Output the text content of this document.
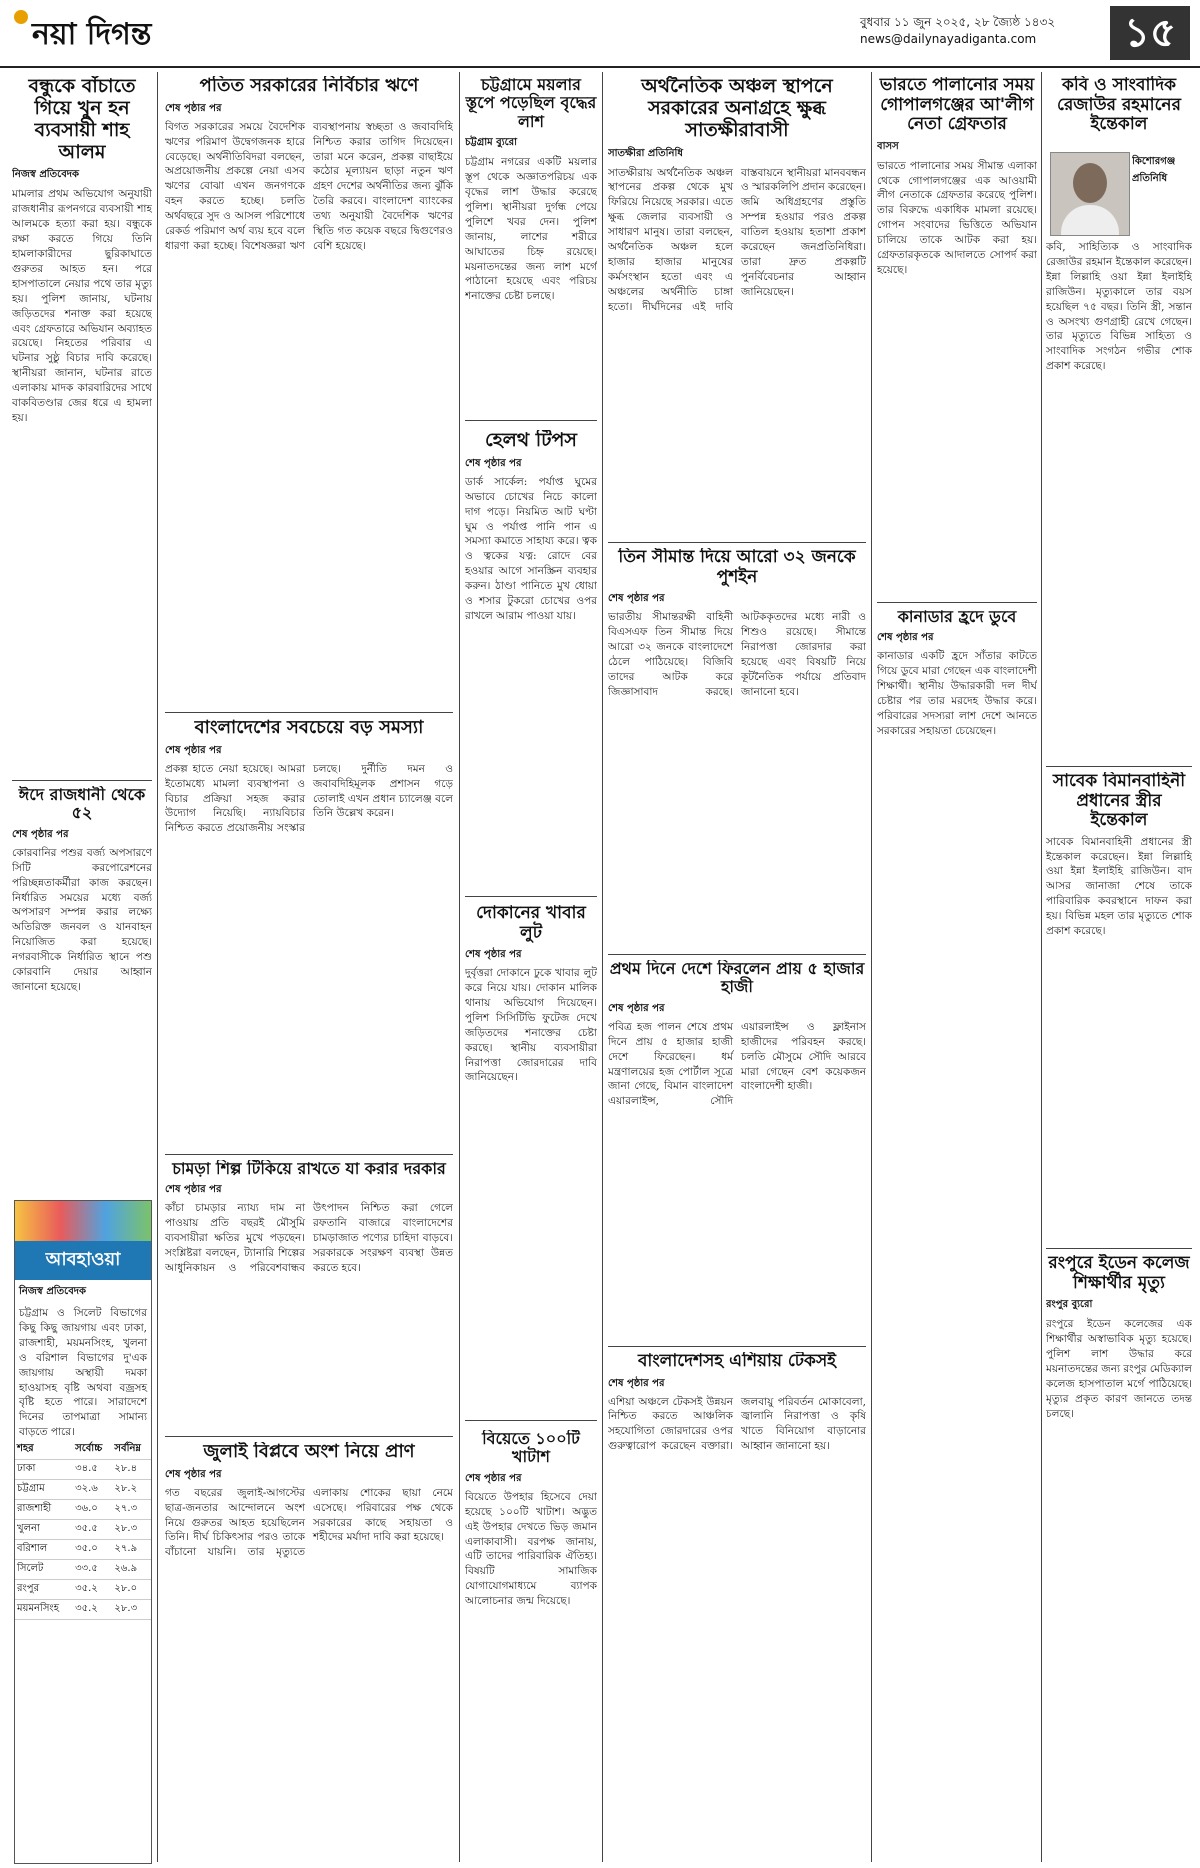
নয়া দিগন্ত	বুধবার ১১ জুন ২০২৫, ২৮ জ্যৈষ্ঠ ১৪৩২
news@dailynayadiganta.com	১৫
বন্ধুকে বাঁচাতে গিয়ে খুন হন ব্যবসায়ী শাহ আলম
নিজস্ব প্রতিবেদক

মামলার প্রথম অভিযোগ অনুযায়ী রাজধানীর রূপনগরে ব্যবসায়ী শাহ আলমকে হত্যা করা হয়। বন্ধুকে রক্ষা করতে গিয়ে তিনি হামলাকারীদের ছুরিকাঘাতে গুরুতর আহত হন। পরে হাসপাতালে নেয়ার পথে তার মৃত্যু হয়। পুলিশ জানায়, ঘটনায় জড়িতদের শনাক্ত করা হয়েছে এবং গ্রেফতারে অভিযান অব্যাহত রয়েছে। নিহতের পরিবার এ ঘটনার সুষ্ঠু বিচার দাবি করেছে। স্থানীয়রা জানান, ঘটনার রাতে এলাকায় মাদক কারবারিদের সাথে বাকবিতণ্ডার জের ধরে এ হামলা হয়।

ঈদে রাজধানী থেকে ৫২
শেষ পৃষ্ঠার পর

কোরবানির পশুর বর্জ্য অপসারণে সিটি করপোরেশনের পরিচ্ছন্নতাকর্মীরা কাজ করছেন। নির্ধারিত সময়ের মধ্যে বর্জ্য অপসারণ সম্পন্ন করার লক্ষ্যে অতিরিক্ত জনবল ও যানবাহন নিয়োজিত করা হয়েছে। নগরবাসীকে নির্ধারিত স্থানে পশু কোরবানি দেয়ার আহ্বান জানানো হয়েছে।

আবহাওয়া
নিজস্ব প্রতিবেদক

চট্টগ্রাম ও সিলেট বিভাগের কিছু কিছু জায়গায় এবং ঢাকা, রাজশাহী, ময়মনসিংহ, খুলনা ও বরিশাল বিভাগের দু'এক জায়গায় অস্থায়ী দমকা হাওয়াসহ বৃষ্টি অথবা বজ্রসহ বৃষ্টি হতে পারে। সারাদেশে দিনের তাপমাত্রা সামান্য বাড়তে পারে।

শহর	সর্বোচ্চ	সর্বনিম্ন
ঢাকা	৩৪.৫	২৮.৪
চট্টগ্রাম	৩২.৬	২৮.২
রাজশাহী	৩৬.০	২৭.৩
খুলনা	৩৫.৫	২৮.৩
বরিশাল	৩৫.০	২৭.৯
সিলেট	৩৩.৫	২৬.৯
রংপুর	৩৫.২	২৮.০
ময়মনসিংহ	৩৫.২	২৮.৩
পতিত সরকারের নির্বিচার ঋণে
শেষ পৃষ্ঠার পর

বিগত সরকারের সময়ে বৈদেশিক ঋণের পরিমাণ উদ্বেগজনক হারে বেড়েছে। অর্থনীতিবিদরা বলছেন, অপ্রয়োজনীয় প্রকল্পে নেয়া এসব ঋণের বোঝা এখন জনগণকে বহন করতে হচ্ছে। চলতি অর্থবছরে সুদ ও আসল পরিশোধে রেকর্ড পরিমাণ অর্থ ব্যয় হবে বলে ধারণা করা হচ্ছে। বিশেষজ্ঞরা ঋণ ব্যবস্থাপনায় স্বচ্ছতা ও জবাবদিহি নিশ্চিত করার তাগিদ দিয়েছেন। তারা মনে করেন, প্রকল্প বাছাইয়ে কঠোর মূল্যায়ন ছাড়া নতুন ঋণ গ্রহণ দেশের অর্থনীতির জন্য ঝুঁকি তৈরি করবে। বাংলাদেশ ব্যাংকের তথ্য অনুযায়ী বৈদেশিক ঋণের স্থিতি গত কয়েক বছরে দ্বিগুণেরও বেশি হয়েছে।

বাংলাদেশের সবচেয়ে বড় সমস্যা
শেষ পৃষ্ঠার পর

প্রকল্প হাতে নেয়া হয়েছে। আমরা ইতোমধ্যে মামলা ব্যবস্থাপনা ও বিচার প্রক্রিয়া সহজ করার উদ্যোগ নিয়েছি। ন্যায়বিচার নিশ্চিত করতে প্রয়োজনীয় সংস্কার চলছে। দুর্নীতি দমন ও জবাবদিহিমূলক প্রশাসন গড়ে তোলাই এখন প্রধান চ্যালেঞ্জ বলে তিনি উল্লেখ করেন।

চামড়া শিল্প টিকিয়ে রাখতে যা করার দরকার
শেষ পৃষ্ঠার পর

কাঁচা চামড়ার ন্যায্য দাম না পাওয়ায় প্রতি বছরই মৌসুমি ব্যবসায়ীরা ক্ষতির মুখে পড়ছেন। সংশ্লিষ্টরা বলছেন, ট্যানারি শিল্পের আধুনিকায়ন ও পরিবেশবান্ধব উৎপাদন নিশ্চিত করা গেলে রফতানি বাজারে বাংলাদেশের চামড়াজাত পণ্যের চাহিদা বাড়বে। সরকারকে সংরক্ষণ ব্যবস্থা উন্নত করতে হবে।

জুলাই বিপ্লবে অংশ নিয়ে প্রাণ
শেষ পৃষ্ঠার পর

গত বছরের জুলাই-আগস্টের ছাত্র-জনতার আন্দোলনে অংশ নিয়ে গুরুতর আহত হয়েছিলেন তিনি। দীর্ঘ চিকিৎসার পরও তাকে বাঁচানো যায়নি। তার মৃত্যুতে এলাকায় শোকের ছায়া নেমে এসেছে। পরিবারের পক্ষ থেকে সরকারের কাছে সহায়তা ও শহীদের মর্যাদা দাবি করা হয়েছে।

চট্টগ্রামে ময়লার স্তূপে পড়েছিল বৃদ্ধের লাশ
চট্টগ্রাম ব্যুরো

চট্টগ্রাম নগরের একটি ময়লার স্তূপ থেকে অজ্ঞাতপরিচয় এক বৃদ্ধের লাশ উদ্ধার করেছে পুলিশ। স্থানীয়রা দুর্গন্ধ পেয়ে পুলিশে খবর দেন। পুলিশ জানায়, লাশের শরীরে আঘাতের চিহ্ন রয়েছে। ময়নাতদন্তের জন্য লাশ মর্গে পাঠানো হয়েছে এবং পরিচয় শনাক্তের চেষ্টা চলছে।

হেলথ টিপস
শেষ পৃষ্ঠার পর

ডার্ক সার্কেল: পর্যাপ্ত ঘুমের অভাবে চোখের নিচে কালো দাগ পড়ে। নিয়মিত আট ঘণ্টা ঘুম ও পর্যাপ্ত পানি পান এ সমস্যা কমাতে সাহায্য করে। ত্বক ও ত্বকের যত্ন: রোদে বের হওয়ার আগে সানস্ক্রিন ব্যবহার করুন। ঠাণ্ডা পানিতে মুখ ধোয়া ও শসার টুকরো চোখের ওপর রাখলে আরাম পাওয়া যায়।

দোকানের খাবার লুট
শেষ পৃষ্ঠার পর

দুর্বৃত্তরা দোকানে ঢুকে খাবার লুট করে নিয়ে যায়। দোকান মালিক থানায় অভিযোগ দিয়েছেন। পুলিশ সিসিটিভি ফুটেজ দেখে জড়িতদের শনাক্তের চেষ্টা করছে। স্থানীয় ব্যবসায়ীরা নিরাপত্তা জোরদারের দাবি জানিয়েছেন।

বিয়েতে ১০০টি খাটাশ
শেষ পৃষ্ঠার পর

বিয়েতে উপহার হিসেবে দেয়া হয়েছে ১০০টি খাটাশ। অদ্ভুত এই উপহার দেখতে ভিড় জমান এলাকাবাসী। বরপক্ষ জানায়, এটি তাদের পারিবারিক ঐতিহ্য। বিষয়টি সামাজিক যোগাযোগমাধ্যমে ব্যাপক আলোচনার জন্ম দিয়েছে।

অর্থনৈতিক অঞ্চল স্থাপনে সরকারের অনাগ্রহে ক্ষুব্ধ সাতক্ষীরাবাসী
সাতক্ষীরা প্রতিনিধি

সাতক্ষীরায় অর্থনৈতিক অঞ্চল স্থাপনের প্রকল্প থেকে মুখ ফিরিয়ে নিয়েছে সরকার। এতে ক্ষুব্ধ জেলার ব্যবসায়ী ও সাধারণ মানুষ। তারা বলছেন, অর্থনৈতিক অঞ্চল হলে হাজার হাজার মানুষের কর্মসংস্থান হতো এবং এ অঞ্চলের অর্থনীতি চাঙ্গা হতো। দীর্ঘদিনের এই দাবি বাস্তবায়নে স্থানীয়রা মানববন্ধন ও স্মারকলিপি প্রদান করেছেন। জমি অধিগ্রহণের প্রস্তুতি সম্পন্ন হওয়ার পরও প্রকল্প বাতিল হওয়ায় হতাশা প্রকাশ করেছেন জনপ্রতিনিধিরা। তারা দ্রুত প্রকল্পটি পুনর্বিবেচনার আহ্বান জানিয়েছেন।

তিন সীমান্ত দিয়ে আরো ৩২ জনকে পুশইন
শেষ পৃষ্ঠার পর

ভারতীয় সীমান্তরক্ষী বাহিনী বিএসএফ তিন সীমান্ত দিয়ে আরো ৩২ জনকে বাংলাদেশে ঠেলে পাঠিয়েছে। বিজিবি তাদের আটক করে জিজ্ঞাসাবাদ করছে। আটককৃতদের মধ্যে নারী ও শিশুও রয়েছে। সীমান্তে নিরাপত্তা জোরদার করা হয়েছে এবং বিষয়টি নিয়ে কূটনৈতিক পর্যায়ে প্রতিবাদ জানানো হবে।

প্রথম দিনে দেশে ফিরলেন প্রায় ৫ হাজার হাজী
শেষ পৃষ্ঠার পর

পবিত্র হজ পালন শেষে প্রথম দিনে প্রায় ৫ হাজার হাজী দেশে ফিরেছেন। ধর্ম মন্ত্রণালয়ের হজ পোর্টাল সূত্রে জানা গেছে, বিমান বাংলাদেশ এয়ারলাইন্স, সৌদি এয়ারলাইন্স ও ফ্লাইনাস হাজীদের পরিবহন করছে। চলতি মৌসুমে সৌদি আরবে মারা গেছেন বেশ কয়েকজন বাংলাদেশী হাজী।

বাংলাদেশসহ এশিয়ায় টেকসই
শেষ পৃষ্ঠার পর

এশিয়া অঞ্চলে টেকসই উন্নয়ন নিশ্চিত করতে আঞ্চলিক সহযোগিতা জোরদারের ওপর গুরুত্বারোপ করেছেন বক্তারা। জলবায়ু পরিবর্তন মোকাবেলা, জ্বালানি নিরাপত্তা ও কৃষি খাতে বিনিয়োগ বাড়ানোর আহ্বান জানানো হয়।

ভারতে পালানোর সময় গোপালগঞ্জের আ'লীগ নেতা গ্রেফতার
বাসস

ভারতে পালানোর সময় সীমান্ত এলাকা থেকে গোপালগঞ্জের এক আওয়ামী লীগ নেতাকে গ্রেফতার করেছে পুলিশ। তার বিরুদ্ধে একাধিক মামলা রয়েছে। গোপন সংবাদের ভিত্তিতে অভিযান চালিয়ে তাকে আটক করা হয়। গ্রেফতারকৃতকে আদালতে সোপর্দ করা হয়েছে।

কানাডার হ্রদে ডুবে
শেষ পৃষ্ঠার পর

কানাডার একটি হ্রদে সাঁতার কাটতে গিয়ে ডুবে মারা গেছেন এক বাংলাদেশী শিক্ষার্থী। স্থানীয় উদ্ধারকারী দল দীর্ঘ চেষ্টার পর তার মরদেহ উদ্ধার করে। পরিবারের সদস্যরা লাশ দেশে আনতে সরকারের সহায়তা চেয়েছেন।

কবি ও সাংবাদিক রেজাউর রহমানের ইন্তেকাল
কিশোরগঞ্জ প্রতিনিধি

কবি, সাহিত্যিক ও সাংবাদিক রেজাউর রহমান ইন্তেকাল করেছেন। ইন্না লিল্লাহি ওয়া ইন্না ইলাইহি রাজিউন। মৃত্যুকালে তার বয়স হয়েছিল ৭৫ বছর। তিনি স্ত্রী, সন্তান ও অসংখ্য গুণগ্রাহী রেখে গেছেন। তার মৃত্যুতে বিভিন্ন সাহিত্য ও সাংবাদিক সংগঠন গভীর শোক প্রকাশ করেছে।

সাবেক বিমানবাহিনী প্রধানের স্ত্রীর ইন্তেকাল

সাবেক বিমানবাহিনী প্রধানের স্ত্রী ইন্তেকাল করেছেন। ইন্না লিল্লাহি ওয়া ইন্না ইলাইহি রাজিউন। বাদ আসর জানাজা শেষে তাকে পারিবারিক কবরস্থানে দাফন করা হয়। বিভিন্ন মহল তার মৃত্যুতে শোক প্রকাশ করেছে।

রংপুরে ইডেন কলেজ শিক্ষার্থীর মৃত্যু
রংপুর ব্যুরো

রংপুরে ইডেন কলেজের এক শিক্ষার্থীর অস্বাভাবিক মৃত্যু হয়েছে। পুলিশ লাশ উদ্ধার করে ময়নাতদন্তের জন্য রংপুর মেডিক্যাল কলেজ হাসপাতাল মর্গে পাঠিয়েছে। মৃত্যুর প্রকৃত কারণ জানতে তদন্ত চলছে।
